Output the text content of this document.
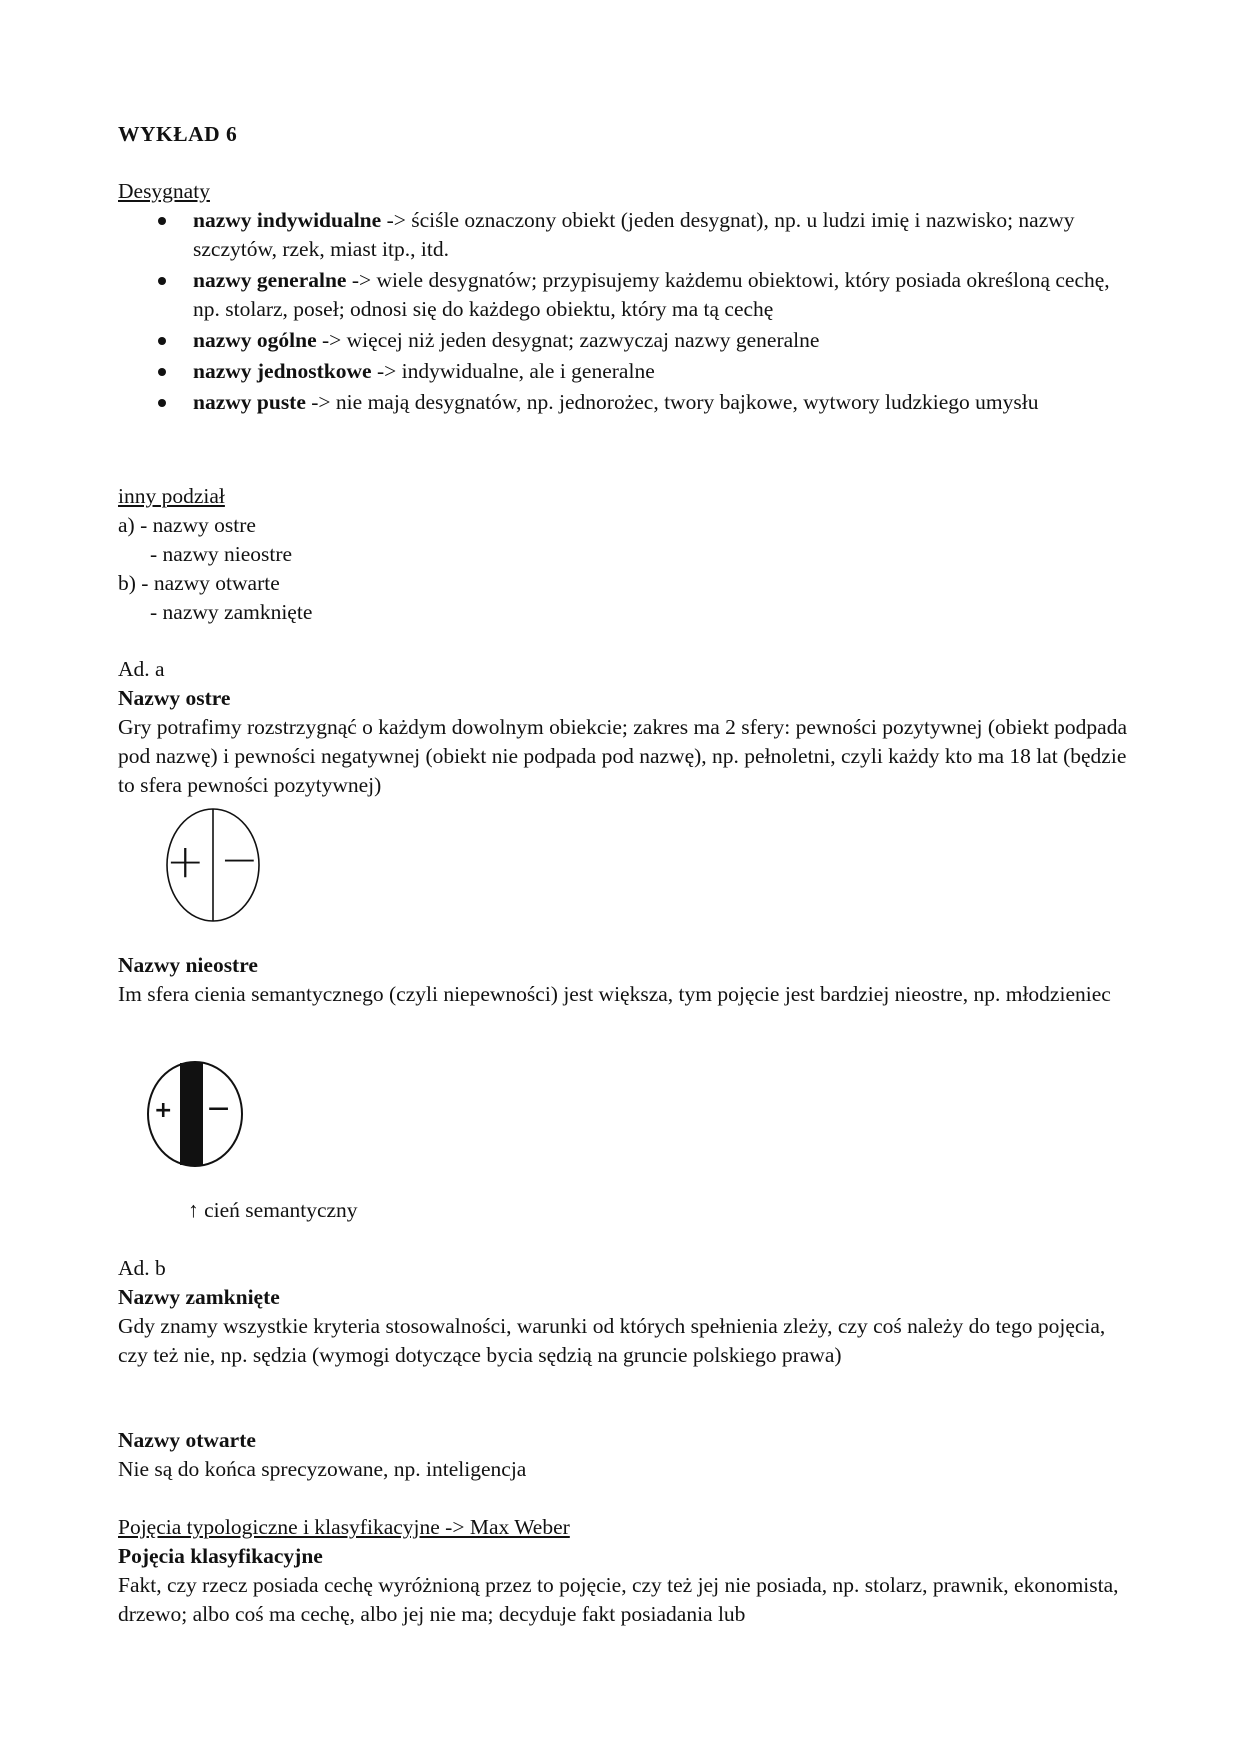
WYKŁAD 6
Desygnaty
nazwy indywidualne -> ściśle oznaczony obiekt (jeden desygnat), np. u ludzi imię i nazwisko; nazwy szczytów, rzek, miast itp., itd.
nazwy generalne -> wiele desygnatów; przypisujemy każdemu obiektowi, który posiada określoną cechę, np. stolarz, poseł; odnosi się do każdego obiektu, który ma tą cechę
nazwy ogólne -> więcej niż jeden desygnat; zazwyczaj nazwy generalne
nazwy jednostkowe -> indywidualne, ale i generalne
nazwy puste -> nie mają desygnatów, np. jednorożec, twory bajkowe, wytwory ludzkiego umysłu
inny podział
a) - nazwy ostre
- nazwy nieostre
b) - nazwy otwarte
- nazwy zamknięte
Ad. a
Nazwy ostre
Gry potrafimy rozstrzygnąć o każdym dowolnym obiekcie; zakres ma 2 sfery: pewności pozytywnej (obiekt podpada pod nazwę) i pewności negatywnej (obiekt nie podpada pod nazwę), np. pełnoletni, czyli każdy kto ma 18 lat (będzie to sfera pewności pozytywnej)
+ −
Nazwy nieostre
Im sfera cienia semantycznego (czyli niepewności) jest większa, tym pojęcie jest bardziej nieostre, np. młodzieniec
+ −
↑ cień semantyczny
Ad. b
Nazwy zamknięte
Gdy znamy wszystkie kryteria stosowalności, warunki od których spełnienia zleży, czy coś należy do tego pojęcia, czy też nie, np. sędzia (wymogi dotyczące bycia sędzią na gruncie polskiego prawa)
Nazwy otwarte
Nie są do końca sprecyzowane, np. inteligencja
Pojęcia typologiczne i klasyfikacyjne -> Max Weber
Pojęcia klasyfikacyjne
Fakt, czy rzecz posiada cechę wyróżnioną przez to pojęcie, czy też jej nie posiada, np. stolarz, prawnik, ekonomista, drzewo; albo coś ma cechę, albo jej nie ma; decyduje fakt posiadania lub
